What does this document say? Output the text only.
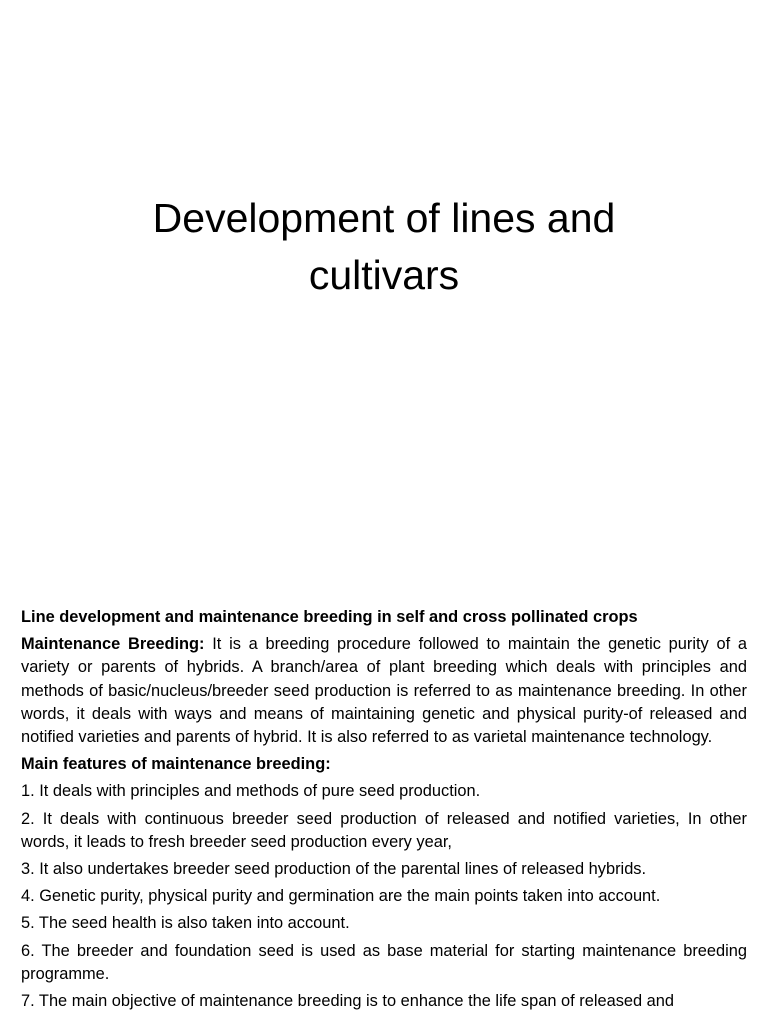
Development of lines and
cultivars

Line development and maintenance breeding in self and cross pollinated crops

Maintenance Breeding: It is a breeding procedure followed to maintain the genetic purity of a variety or parents of hybrids. A branch/area of plant breeding which deals with principles and methods of basic/nucleus/breeder seed production is referred to as maintenance breeding. In other words, it deals with ways and means of maintaining genetic and physical purity-of released and notified varieties and parents of hybrid. It is also referred to as varietal maintenance technology.

Main features of maintenance breeding:

1. It deals with principles and methods of pure seed production.

2. It deals with continuous breeder seed production of released and notified varieties, In other words, it leads to fresh breeder seed production every year,

3. It also undertakes breeder seed production of the parental lines of released hybrids.

4. Genetic purity, physical purity and germination are the main points taken into account.

5. The seed health is also taken into account.

6. The breeder and foundation seed is used as base material for starting maintenance breeding programme.

7. The main objective of maintenance breeding is to enhance the life span of released and
